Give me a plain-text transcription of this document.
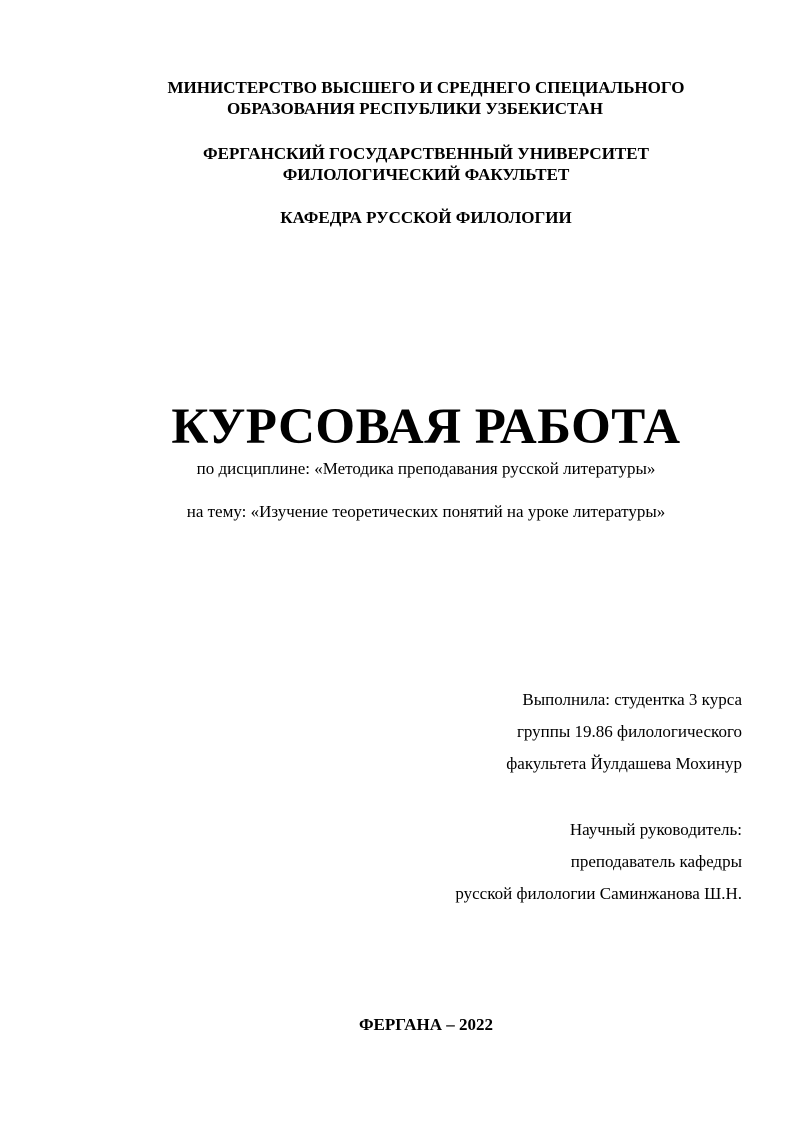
МИНИСТЕРСТВО ВЫСШЕГО И СРЕДНЕГО СПЕЦИАЛЬНОГО
ОБРАЗОВАНИЯ РЕСПУБЛИКИ УЗБЕКИСТАН
ФЕРГАНСКИЙ ГОСУДАРСТВЕННЫЙ УНИВЕРСИТЕТ
ФИЛОЛОГИЧЕСКИЙ ФАКУЛЬТЕТ
КАФЕДРА РУССКОЙ ФИЛОЛОГИИ
КУРСОВАЯ РАБОТА
по дисциплине: «Методика преподавания русской литературы»
на тему: «Изучение теоретических понятий на уроке литературы»
Выполнила: студентка 3 курса
группы 19.86 филологического
факультета Йулдашева Мохинур
Научный руководитель:
преподаватель кафедры
русской филологии Саминжанова Ш.Н.
ФЕРГАНА – 2022
